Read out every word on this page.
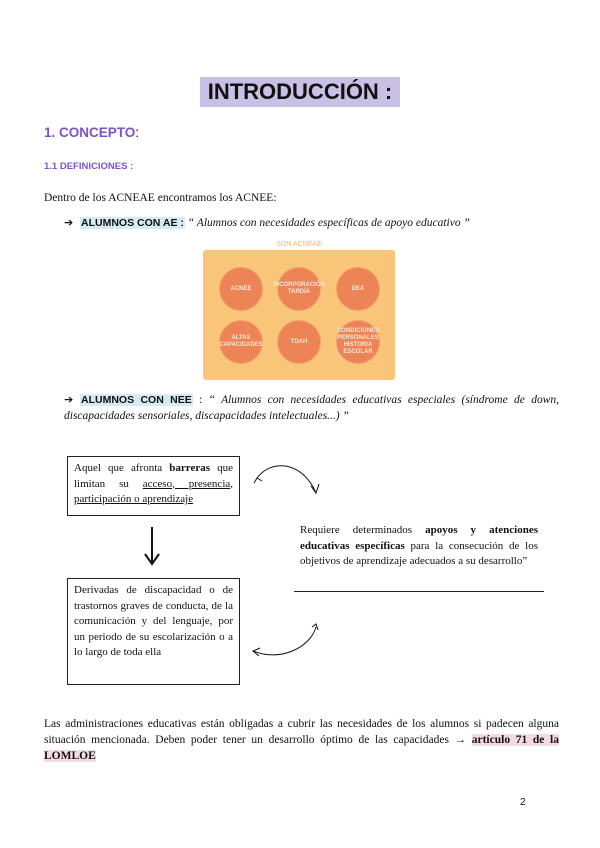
INTRODUCCIÓN :
1. CONCEPTO:
1.1 DEFINICIONES :
Dentro de los ACNEAE encontramos los ACNEE:
➔ ALUMNOS CON AE : “ Alumnos con necesidades específicas de apoyo educativo ”
SON ACNEAE
ACNEE
INCORPORACIÓN TARDÍA
DEA
ALTAS CAPACIDADES
TDAH
CONDICIONES PERSONALES HISTORIA ESCOLAR
➔ ALUMNOS CON NEE : “ Alumnos con necesidades educativas especiales (síndrome de down, discapacidades sensoriales, discapacidades intelectuales...) ”
Aquel que afronta barreras que limitan su acceso, presencia, participación o aprendizaje
Requiere determinados apoyos y atenciones educativas específicas para la consecución de los objetivos de aprendizaje adecuados a su desarrollo”
Derivadas de discapacidad o de trastornos graves de conducta, de la comunicación y del lenguaje, por un periodo de su escolarización o a lo largo de toda ella
Las administraciones educativas están obligadas a cubrir las necesidades de los alumnos si padecen alguna situación mencionada. Deben poder tener un desarrollo óptimo de las capacidades → artículo 71 de la LOMLOE
2
